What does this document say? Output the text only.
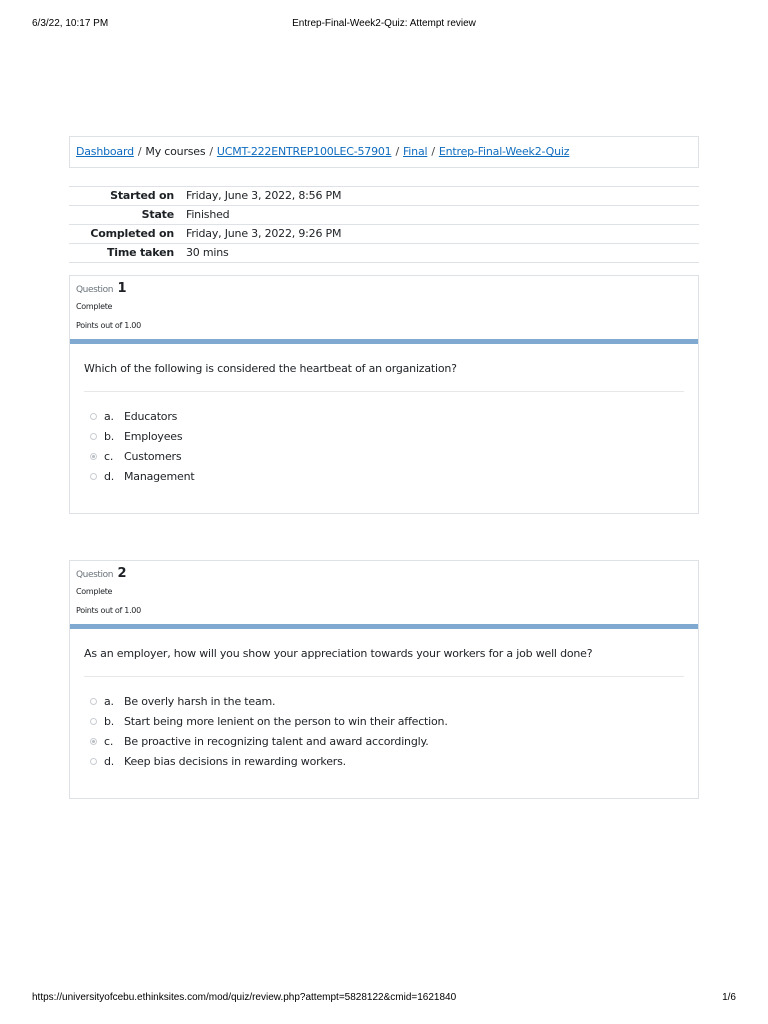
6/3/22, 10:17 PM	Entrep-Final-Week2-Quiz: Attempt review
Dashboard / My courses / UCMT-222ENTREP100LEC-57901 / Final / Entrep-Final-Week2-Quiz
Started on	Friday, June 3, 2022, 8:56 PM
State	Finished
Completed on	Friday, June 3, 2022, 9:26 PM
Time taken	30 mins
Question 1
Complete
Points out of 1.00
Which of the following is considered the heartbeat of an organization?
a. Educators
b. Employees
c. Customers
d. Management
Question 2
Complete
Points out of 1.00
As an employer, how will you show your appreciation towards your workers for a job well done?
a. Be overly harsh in the team.
b. Start being more lenient on the person to win their affection.
c. Be proactive in recognizing talent and award accordingly.
d. Keep bias decisions in rewarding workers.
https://universityofcebu.ethinksites.com/mod/quiz/review.php?attempt=5828122&cmid=1621840	1/6
